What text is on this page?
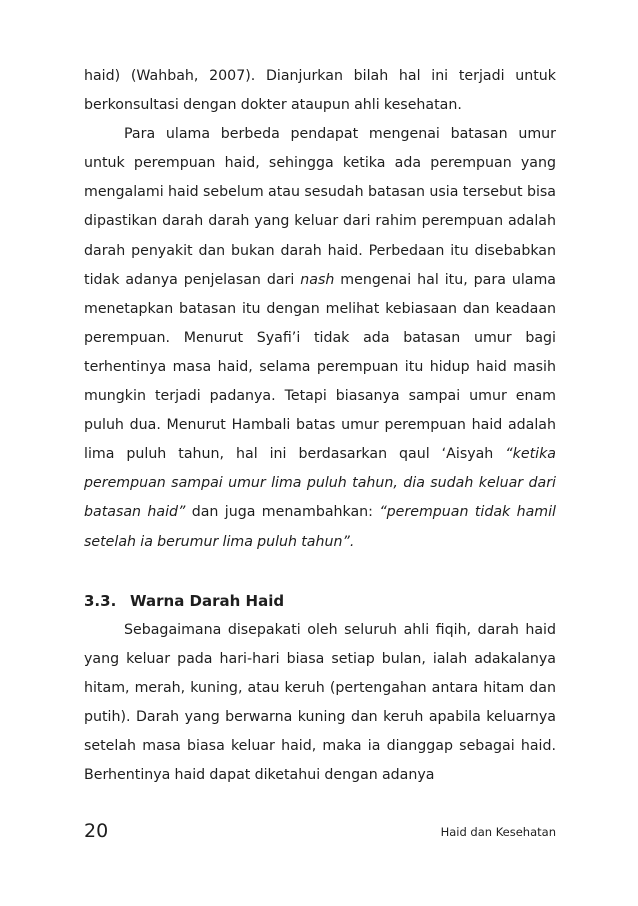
haid) (Wahbah, 2007). Dianjurkan bilah hal ini terjadi untuk berkonsultasi dengan dokter ataupun ahli kesehatan.

Para ulama berbeda pendapat mengenai batasan umur untuk perempuan haid, sehingga ketika ada perempuan yang mengalami haid sebelum atau sesudah batasan usia tersebut bisa dipastikan darah darah yang keluar dari rahim perempuan adalah darah penyakit dan bukan darah haid. Perbedaan itu disebabkan tidak adanya penjelasan dari nash mengenai hal itu, para ulama menetapkan batasan itu dengan melihat kebiasaan dan keadaan perempuan. Menurut Syafi’i tidak ada batasan umur bagi terhentinya masa haid, selama perempuan itu hidup haid masih mungkin terjadi padanya. Tetapi biasanya sampai umur enam puluh dua. Menurut Hambali batas umur perempuan haid adalah lima puluh tahun, hal ini berdasarkan qaul ‘Aisyah “ketika perempuan sampai umur lima puluh tahun, dia sudah keluar dari batasan haid” dan juga menambahkan: “perempuan tidak hamil setelah ia berumur lima puluh tahun”.

3.3. Warna Darah Haid

Sebagaimana disepakati oleh seluruh ahli fiqih, darah haid yang keluar pada hari-hari biasa setiap bulan, ialah adakalanya hitam, merah, kuning, atau keruh (pertengahan antara hitam dan putih). Darah yang berwarna kuning dan keruh apabila keluarnya setelah masa biasa keluar haid, maka ia dianggap sebagai haid. Berhentinya haid dapat diketahui dengan adanya

20	Haid dan Kesehatan
